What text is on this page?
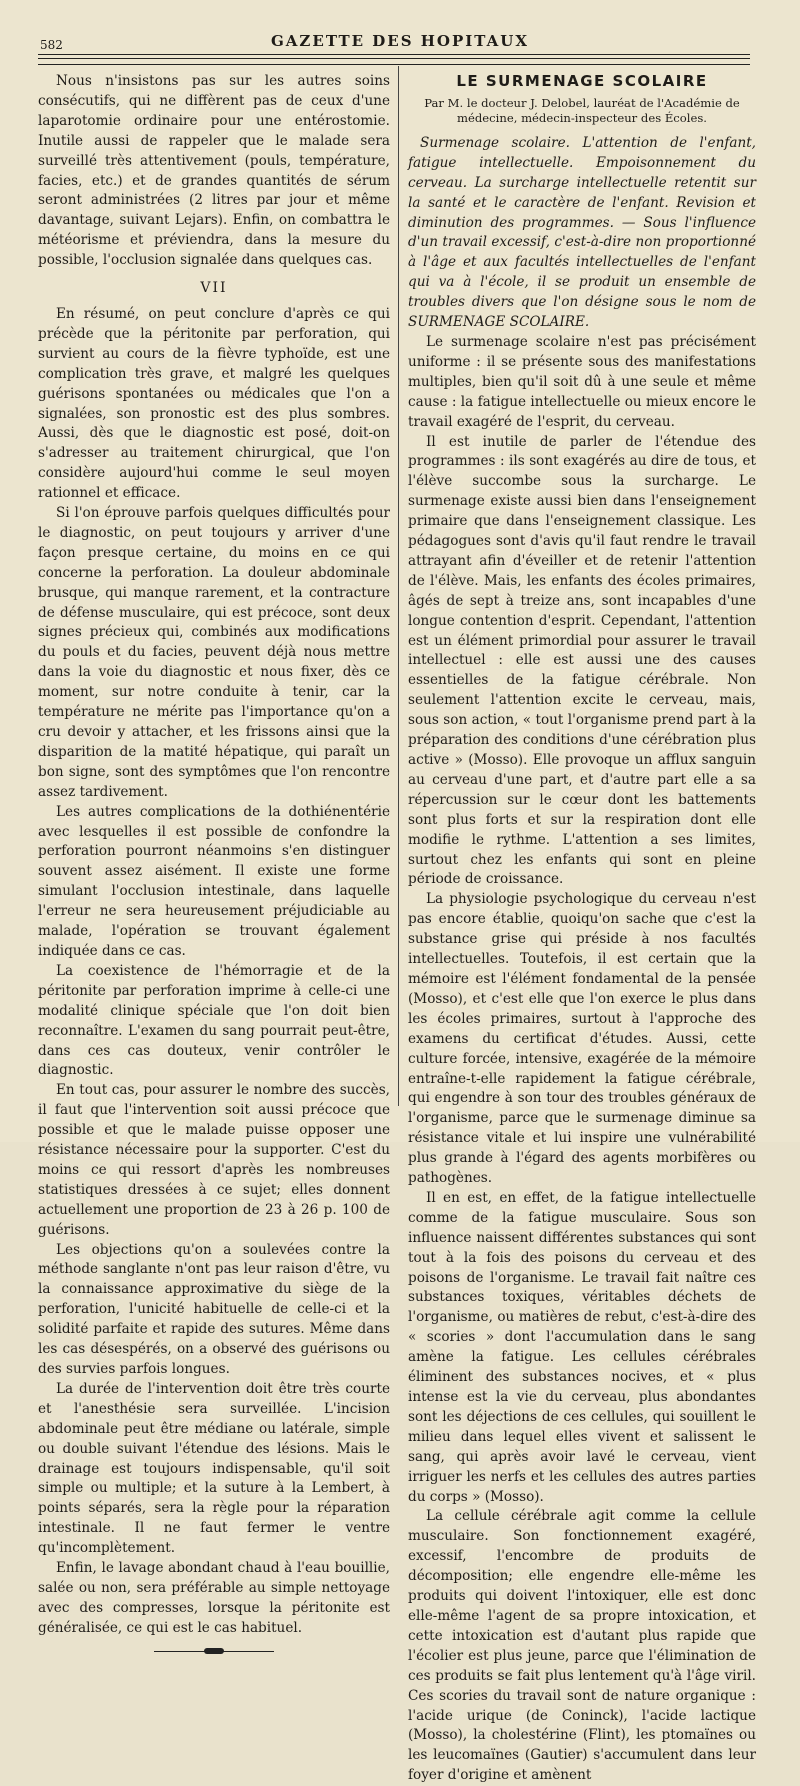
582	GAZETTE DES HOPITAUX

Nous n'insistons pas sur les autres soins consécutifs, qui ne diffèrent pas de ceux d'une laparotomie ordinaire pour une entérostomie. Inutile aussi de rappeler que le malade sera surveillé très attentivement (pouls, température, facies, etc.) et de grandes quantités de sérum seront administrées (2 litres par jour et même davantage, suivant Lejars). Enfin, on combattra le météorisme et préviendra, dans la mesure du possible, l'occlusion signalée dans quelques cas.

VII

En résumé, on peut conclure d'après ce qui précède que la péritonite par perforation, qui survient au cours de la fièvre typhoïde, est une complication très grave, et malgré les quelques guérisons spontanées ou médicales que l'on a signalées, son pronostic est des plus sombres. Aussi, dès que le diagnostic est posé, doit-on s'adresser au traitement chirurgical, que l'on considère aujourd'hui comme le seul moyen rationnel et efficace.

Si l'on éprouve parfois quelques difficultés pour le diagnostic, on peut toujours y arriver d'une façon presque certaine, du moins en ce qui concerne la perforation. La douleur abdominale brusque, qui manque rarement, et la contracture de défense musculaire, qui est précoce, sont deux signes précieux qui, combinés aux modifications du pouls et du facies, peuvent déjà nous mettre dans la voie du diagnostic et nous fixer, dès ce moment, sur notre conduite à tenir, car la température ne mérite pas l'importance qu'on a cru devoir y attacher, et les frissons ainsi que la disparition de la matité hépatique, qui paraît un bon signe, sont des symptômes que l'on rencontre assez tardivement.

Les autres complications de la dothiénentérie avec lesquelles il est possible de confondre la perforation pourront néanmoins s'en distinguer souvent assez aisément. Il existe une forme simulant l'occlusion intestinale, dans laquelle l'erreur ne sera heureusement préjudiciable au malade, l'opération se trouvant également indiquée dans ce cas.

La coexistence de l'hémorragie et de la péritonite par perforation imprime à celle-ci une modalité clinique spéciale que l'on doit bien reconnaître. L'examen du sang pourrait peut-être, dans ces cas douteux, venir contrôler le diagnostic.

En tout cas, pour assurer le nombre des succès, il faut que l'intervention soit aussi précoce que possible et que le malade puisse opposer une résistance nécessaire pour la supporter. C'est du moins ce qui ressort d'après les nombreuses statistiques dressées à ce sujet; elles donnent actuellement une proportion de 23 à 26 p. 100 de guérisons.

Les objections qu'on a soulevées contre la méthode sanglante n'ont pas leur raison d'être, vu la connaissance approximative du siège de la perforation, l'unicité habituelle de celle-ci et la solidité parfaite et rapide des sutures. Même dans les cas désespérés, on a observé des guérisons ou des survies parfois longues.

La durée de l'intervention doit être très courte et l'anesthésie sera surveillée. L'incision abdominale peut être médiane ou latérale, simple ou double suivant l'étendue des lésions. Mais le drainage est toujours indispensable, qu'il soit simple ou multiple; et la suture à la Lembert, à points séparés, sera la règle pour la réparation intestinale. Il ne faut fermer le ventre qu'incomplètement.

Enfin, le lavage abondant chaud à l'eau bouillie, salée ou non, sera préférable au simple nettoyage avec des compresses, lorsque la péritonite est généralisée, ce qui est le cas habituel.

LE SURMENAGE SCOLAIRE
Par M. le docteur J. Delobel, lauréat de l'Académie de médecine, médecin-inspecteur des Écoles.

Surmenage scolaire. L'attention de l'enfant, fatigue intellectuelle. Empoisonnement du cerveau. La surcharge intellectuelle retentit sur la santé et le caractère de l'enfant. Revision et diminution des programmes. — Sous l'influence d'un travail excessif, c'est-à-dire non proportionné à l'âge et aux facultés intellectuelles de l'enfant qui va à l'école, il se produit un ensemble de troubles divers que l'on désigne sous le nom de SURMENAGE SCOLAIRE.

Le surmenage scolaire n'est pas précisément uniforme : il se présente sous des manifestations multiples, bien qu'il soit dû à une seule et même cause : la fatigue intellectuelle ou mieux encore le travail exagéré de l'esprit, du cerveau.

Il est inutile de parler de l'étendue des programmes : ils sont exagérés au dire de tous, et l'élève succombe sous la surcharge. Le surmenage existe aussi bien dans l'enseignement primaire que dans l'enseignement classique. Les pédagogues sont d'avis qu'il faut rendre le travail attrayant afin d'éveiller et de retenir l'attention de l'élève. Mais, les enfants des écoles primaires, âgés de sept à treize ans, sont incapables d'une longue contention d'esprit. Cependant, l'attention est un élément primordial pour assurer le travail intellectuel : elle est aussi une des causes essentielles de la fatigue cérébrale. Non seulement l'attention excite le cerveau, mais, sous son action, « tout l'organisme prend part à la préparation des conditions d'une cérébration plus active » (Mosso). Elle provoque un afflux sanguin au cerveau d'une part, et d'autre part elle a sa répercussion sur le cœur dont les battements sont plus forts et sur la respiration dont elle modifie le rythme. L'attention a ses limites, surtout chez les enfants qui sont en pleine période de croissance.

La physiologie psychologique du cerveau n'est pas encore établie, quoiqu'on sache que c'est la substance grise qui préside à nos facultés intellectuelles. Toutefois, il est certain que la mémoire est l'élément fondamental de la pensée (Mosso), et c'est elle que l'on exerce le plus dans les écoles primaires, surtout à l'approche des examens du certificat d'études. Aussi, cette culture forcée, intensive, exagérée de la mémoire entraîne-t-elle rapidement la fatigue cérébrale, qui engendre à son tour des troubles généraux de l'organisme, parce que le surmenage diminue sa résistance vitale et lui inspire une vulnérabilité plus grande à l'égard des agents morbifères ou pathogènes.

Il en est, en effet, de la fatigue intellectuelle comme de la fatigue musculaire. Sous son influence naissent différentes substances qui sont tout à la fois des poisons du cerveau et des poisons de l'organisme. Le travail fait naître ces substances toxiques, véritables déchets de l'organisme, ou matières de rebut, c'est-à-dire des « scories » dont l'accumulation dans le sang amène la fatigue. Les cellules cérébrales éliminent des substances nocives, et « plus intense est la vie du cerveau, plus abondantes sont les déjections de ces cellules, qui souillent le milieu dans lequel elles vivent et salissent le sang, qui après avoir lavé le cerveau, vient irriguer les nerfs et les cellules des autres parties du corps » (Mosso).

La cellule cérébrale agit comme la cellule musculaire. Son fonctionnement exagéré, excessif, l'encombre de produits de décomposition; elle engendre elle-même les produits qui doivent l'intoxiquer, elle est donc elle-même l'agent de sa propre intoxication, et cette intoxication est d'autant plus rapide que l'écolier est plus jeune, parce que l'élimination de ces produits se fait plus lentement qu'à l'âge viril. Ces scories du travail sont de nature organique : l'acide urique (de Coninck), l'acide lactique (Mosso), la cholestérine (Flint), les ptomaïnes ou les leucomaïnes (Gautier) s'accumulent dans leur foyer d'origine et amènent
